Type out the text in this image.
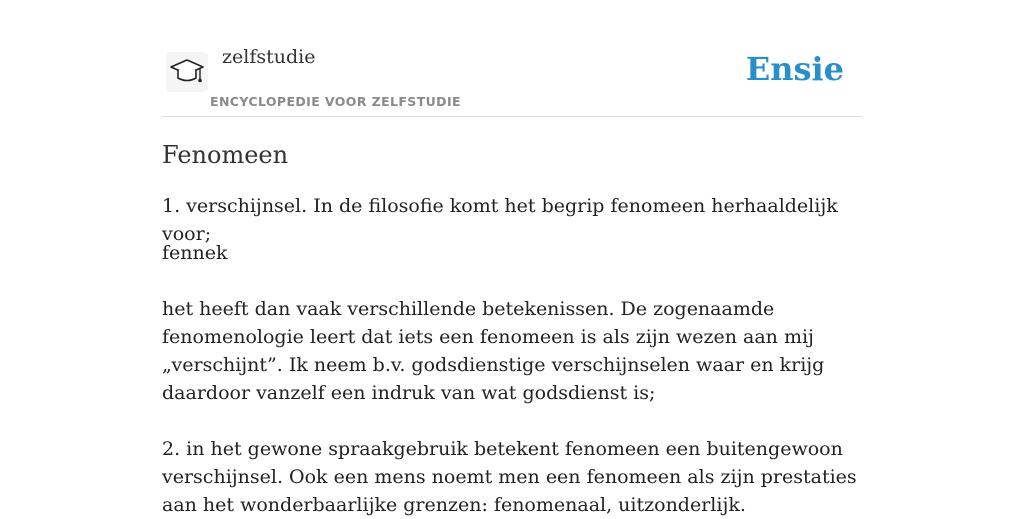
zelfstudie
ENCYCLOPEDIE VOOR ZELFSTUDIE
Ensie
Fenomeen

1. verschijnsel. In de filosofie komt het begrip fenomeen herhaaldelijk voor;

fennek

het heeft dan vaak verschillende betekenissen. De zogenaamde fenomenologie leert dat iets een fenomeen is als zijn wezen aan mij „verschijnt”. Ik neem b.v. godsdienstige verschijnselen waar en krijg daardoor vanzelf een indruk van wat godsdienst is;

2. in het gewone spraakgebruik betekent fenomeen een buitengewoon verschijnsel. Ook een mens noemt men een fenomeen als zijn prestaties aan het wonderbaarlijke grenzen: fenomenaal, uitzonderlijk.
